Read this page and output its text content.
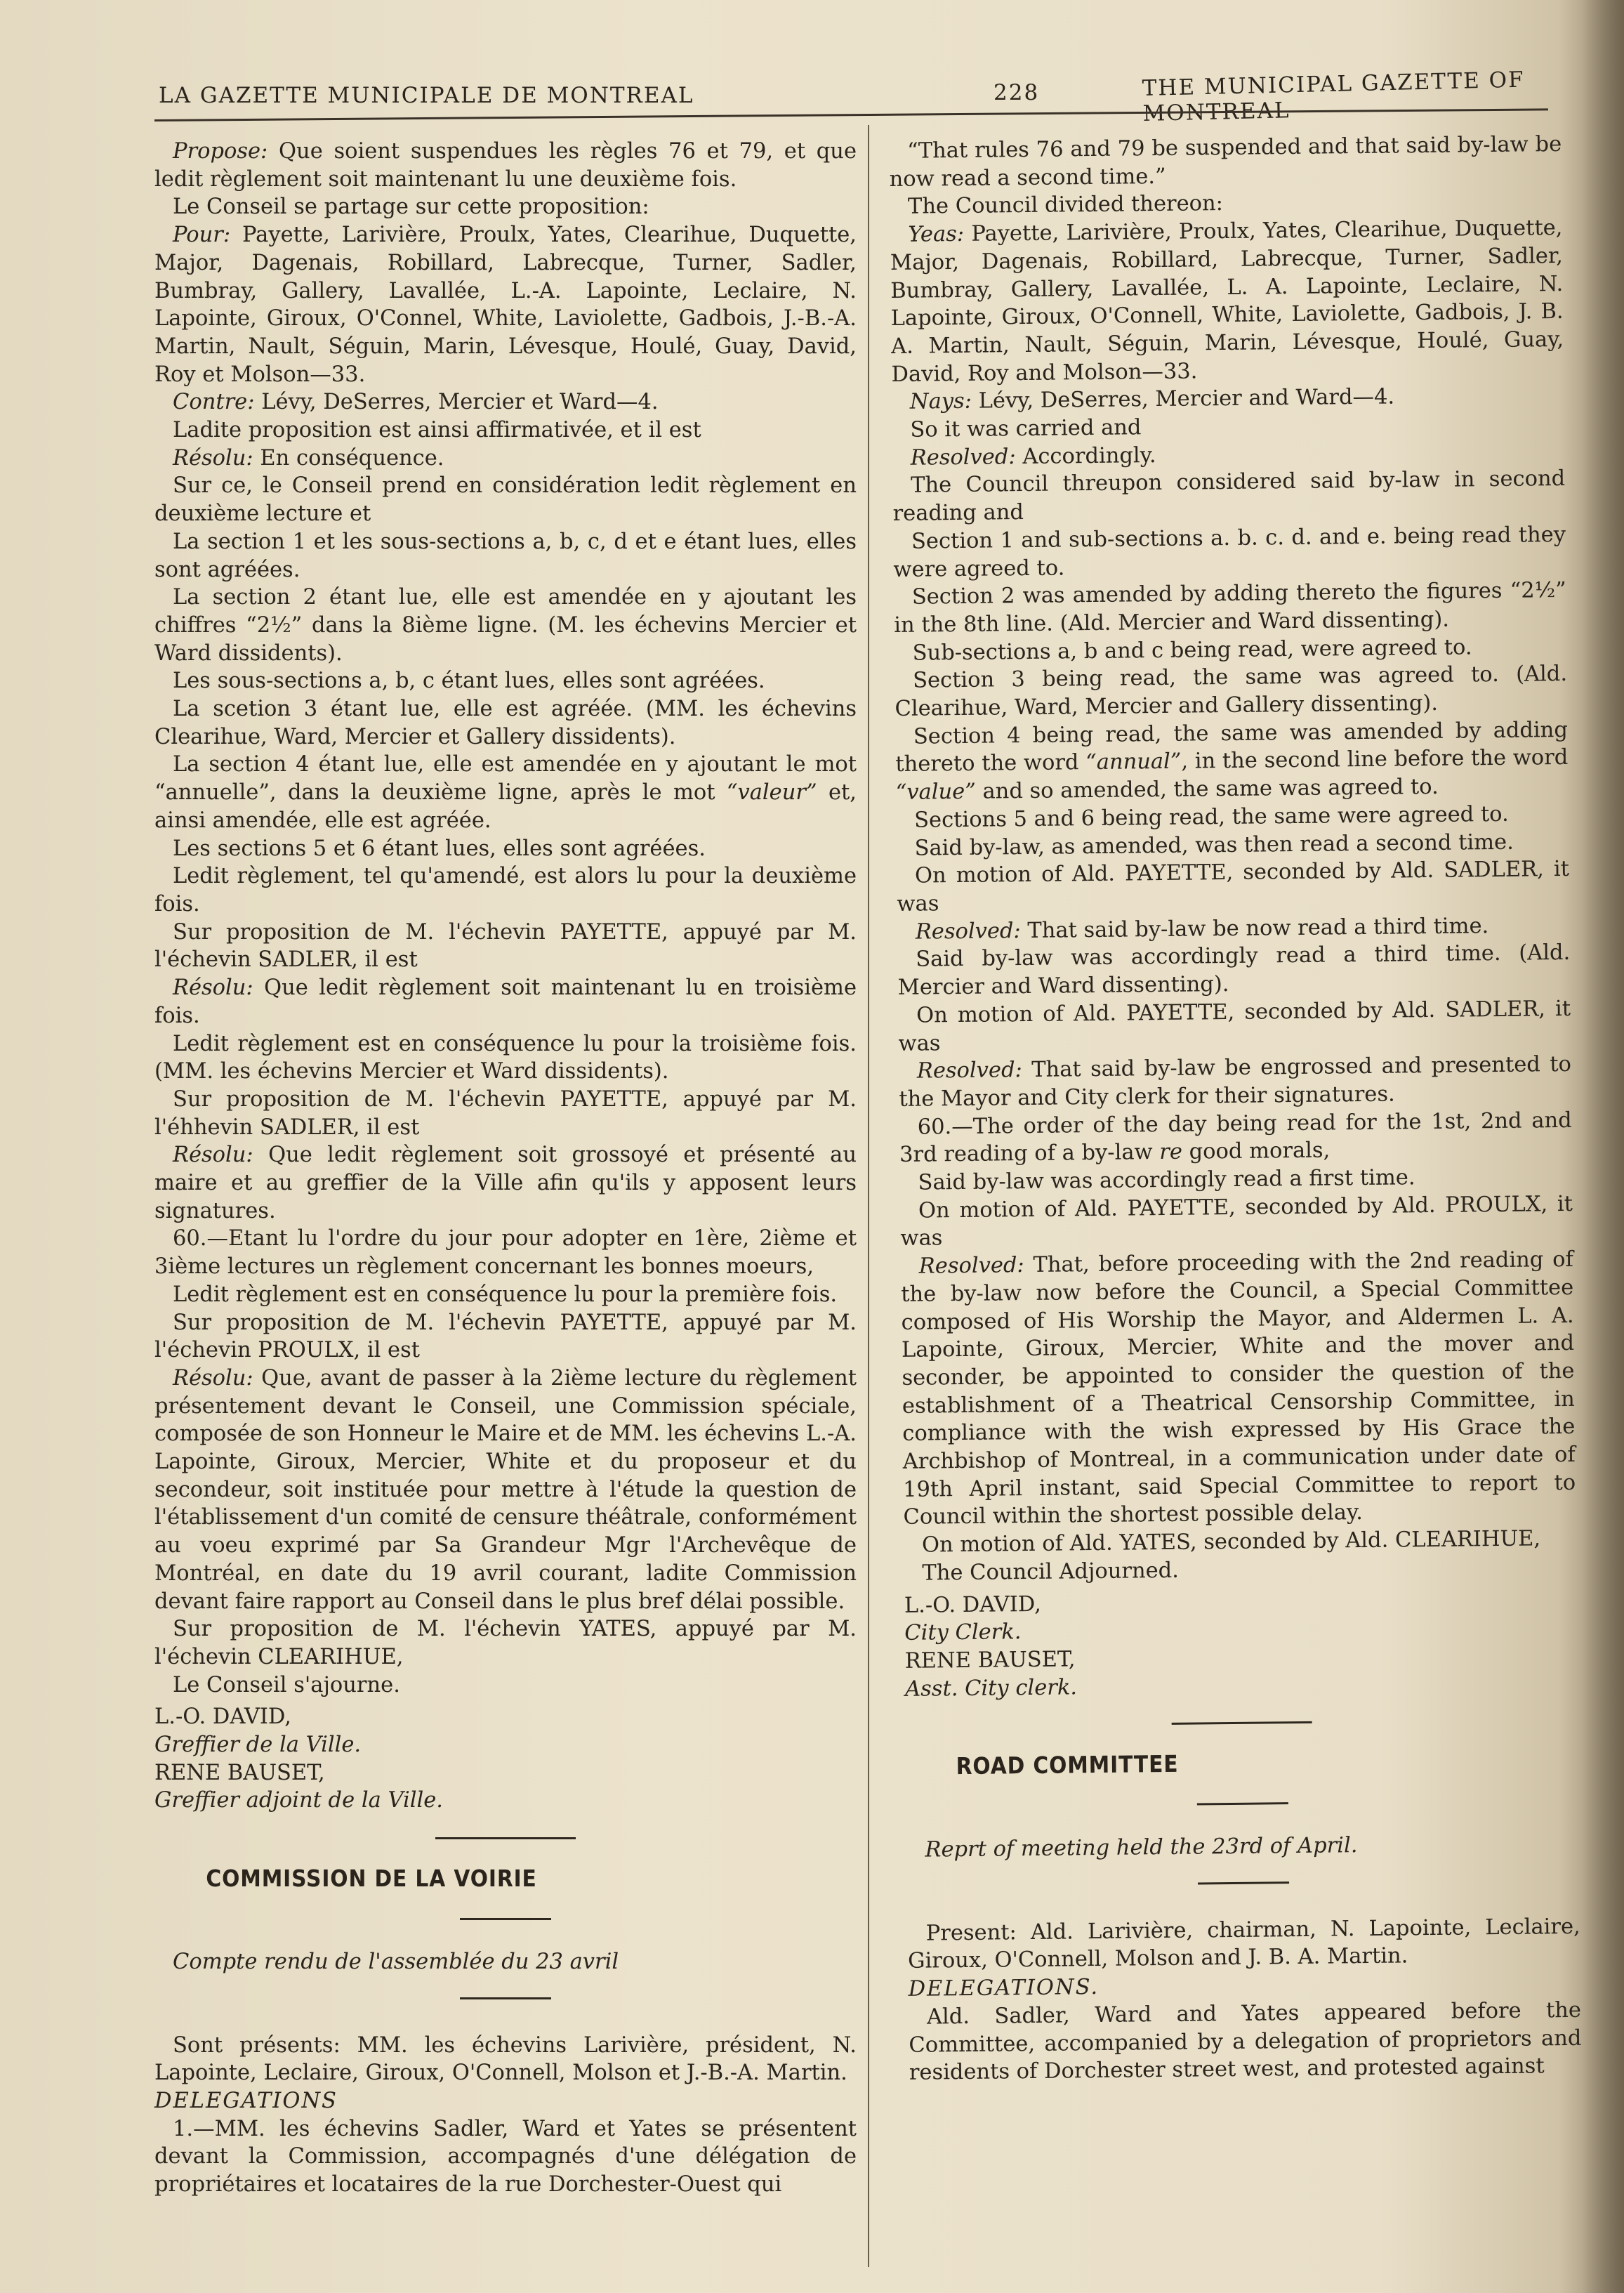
LA GAZETTE MUNICIPALE DE MONTREAL	228	THE MUNICIPAL GAZETTE OF

Propose: Que soient suspendues les règles 76 et 79, et que ledit règlement soit maintenant lu une deuxième fois.

Le Conseil se partage sur cette proposition:

Pour: Payette, Larivière, Proulx, Yates, Clearihue, Duquette, Major, Dagenais, Robillard, Labrecque, Turner, Sadler, Bumbray, Gallery, Lavallée, L.-A. Lapointe, Leclaire, N. Lapointe, Giroux, O'Connel, White, Laviolette, Gadbois, J.-B.-A. Martin, Nault, Séguin, Marin, Lévesque, Houlé, Guay, David, Roy et Molson—33.

Contre: Lévy, DeSerres, Mercier et Ward—4.

Ladite proposition est ainsi affirmativée, et il est

Résolu: En conséquence.

Sur ce, le Conseil prend en considération ledit règlement en deuxième lecture et

La section 1 et les sous-sections a, b, c, d et e étant lues, elles sont agréées.

La section 2 étant lue, elle est amendée en y ajoutant les chiffres “2½” dans la 8ième ligne. (M. les échevins Mercier et Ward dissidents).

Les sous-sections a, b, c étant lues, elles sont agréées.

La scetion 3 étant lue, elle est agréée. (MM. les échevins Clearihue, Ward, Mercier et Gallery dissidents).

La section 4 étant lue, elle est amendée en y ajoutant le mot “annuelle”, dans la deuxième ligne, après le mot “valeur” et, ainsi amendée, elle est agréée.

Les sections 5 et 6 étant lues, elles sont agréées.

Ledit règlement, tel qu'amendé, est alors lu pour la deuxième fois.

Sur proposition de M. l'échevin PAYETTE, appuyé par M. l'échevin SADLER, il est

Résolu: Que ledit règlement soit maintenant lu en troisième fois.

Ledit règlement est en conséquence lu pour la troisième fois. (MM. les échevins Mercier et Ward dissidents).

Sur proposition de M. l'échevin PAYETTE, appuyé par M. l'éhhevin SADLER, il est

Résolu: Que ledit règlement soit grossoyé et présenté au maire et au greffier de la Ville afin qu'ils y apposent leurs signatures.

60.—Etant lu l'ordre du jour pour adopter en 1ère, 2ième et 3ième lectures un règlement concernant les bonnes moeurs,

Ledit règlement est en conséquence lu pour la première fois.

Sur proposition de M. l'échevin PAYETTE, appuyé par M. l'échevin PROULX, il est

Résolu: Que, avant de passer à la 2ième lecture du règlement présentement devant le Conseil, une Commission spéciale, composée de son Honneur le Maire et de MM. les échevins L.-A. Lapointe, Giroux, Mercier, White et du proposeur et du secondeur, soit instituée pour mettre à l'étude la question de l'établissement d'un comité de censure théâtrale, conformément au voeu exprimé par Sa Grandeur Mgr l'Archevêque de Montréal, en date du 19 avril courant, ladite Commission devant faire rapport au Conseil dans le plus bref délai possible.

Sur proposition de M. l'échevin YATES, appuyé par M. l'échevin CLEARIHUE,

Le Conseil s'ajourne.

L.-O. DAVID,

Greffier de la Ville.

RENE BAUSET,

Greffier adjoint de la Ville.

COMMISSION DE LA VOIRIE

Compte rendu de l'assemblée du 23 avril

Sont présents: MM. les échevins Larivière, président, N. Lapointe, Leclaire, Giroux, O'Connell, Molson et J.-B.-A. Martin.

DELEGATIONS

1.—MM. les échevins Sadler, Ward et Yates se présentent devant la Commission, accompagnés d'une délégation de propriétaires et locataires de la rue Dorchester-Ouest qui

“That rules 76 and 79 be suspended and that said by-law be now read a second time.”

The Council divided thereon:

Yeas: Payette, Larivière, Proulx, Yates, Clearihue, Duquette, Major, Dagenais, Robillard, Labrecque, Turner, Sadler, Bumbray, Gallery, Lavallée, L. A. Lapointe, Leclaire, N. Lapointe, Giroux, O'Connell, White, Laviolette, Gadbois, J. B. A. Martin, Nault, Séguin, Marin, Lévesque, Houlé, Guay, David, Roy and Molson—33.

Nays: Lévy, DeSerres, Mercier and Ward—4.

So it was carried and

Resolved: Accordingly.

The Council threupon considered said by-law in second reading and

Section 1 and sub-sections a. b. c. d. and e. being read they were agreed to.

Section 2 was amended by adding thereto the figures “2½” in the 8th line. (Ald. Mercier and Ward dissenting).

Sub-sections a, b and c being read, were agreed to.

Section 3 being read, the same was agreed to. (Ald. Clearihue, Ward, Mercier and Gallery dissenting).

Section 4 being read, the same was amended by adding thereto the word “annual”, in the second line before the word “value” and so amended, the same was agreed to.

Sections 5 and 6 being read, the same were agreed to.

Said by-law, as amended, was then read a second time.

On motion of Ald. PAYETTE, seconded by Ald. SADLER, it was

Resolved: That said by-law be now read a third time.

Said by-law was accordingly read a third time. (Ald. Mercier and Ward dissenting).

On motion of Ald. PAYETTE, seconded by Ald. SADLER, it was

Resolved: That said by-law be engrossed and presented to the Mayor and City clerk for their signatures.

60.—The order of the day being read for the 1st, 2nd and 3rd reading of a by-law re good morals,

Said by-law was accordingly read a first time.

On motion of Ald. PAYETTE, seconded by Ald. PROULX, it was

Resolved: That, before proceeding with the 2nd reading of the by-law now before the Council, a Special Committee composed of His Worship the Mayor, and Aldermen L. A. Lapointe, Giroux, Mercier, White and the mover and seconder, be appointed to consider the question of the establishment of a Theatrical Censorship Committee, in compliance with the wish expressed by His Grace the Archbishop of Montreal, in a communication under date of 19th April instant, said Special Committee to report to Council within the shortest possible delay.

On motion of Ald. YATES, seconded by Ald. CLEARIHUE,

The Council Adjourned.

L.-O. DAVID,

City Clerk.

RENE BAUSET,

Asst. City clerk.

ROAD COMMITTEE

Reprt of meeting held the 23rd of April.

Present: Ald. Larivière, chairman, N. Lapointe, Leclaire, Giroux, O'Connell, Molson and J. B. A. Martin.

DELEGATIONS.

Ald. Sadler, Ward and Yates appeared before the Committee, accompanied by a delegation of proprietors and residents of Dorchester street west, and protested against
